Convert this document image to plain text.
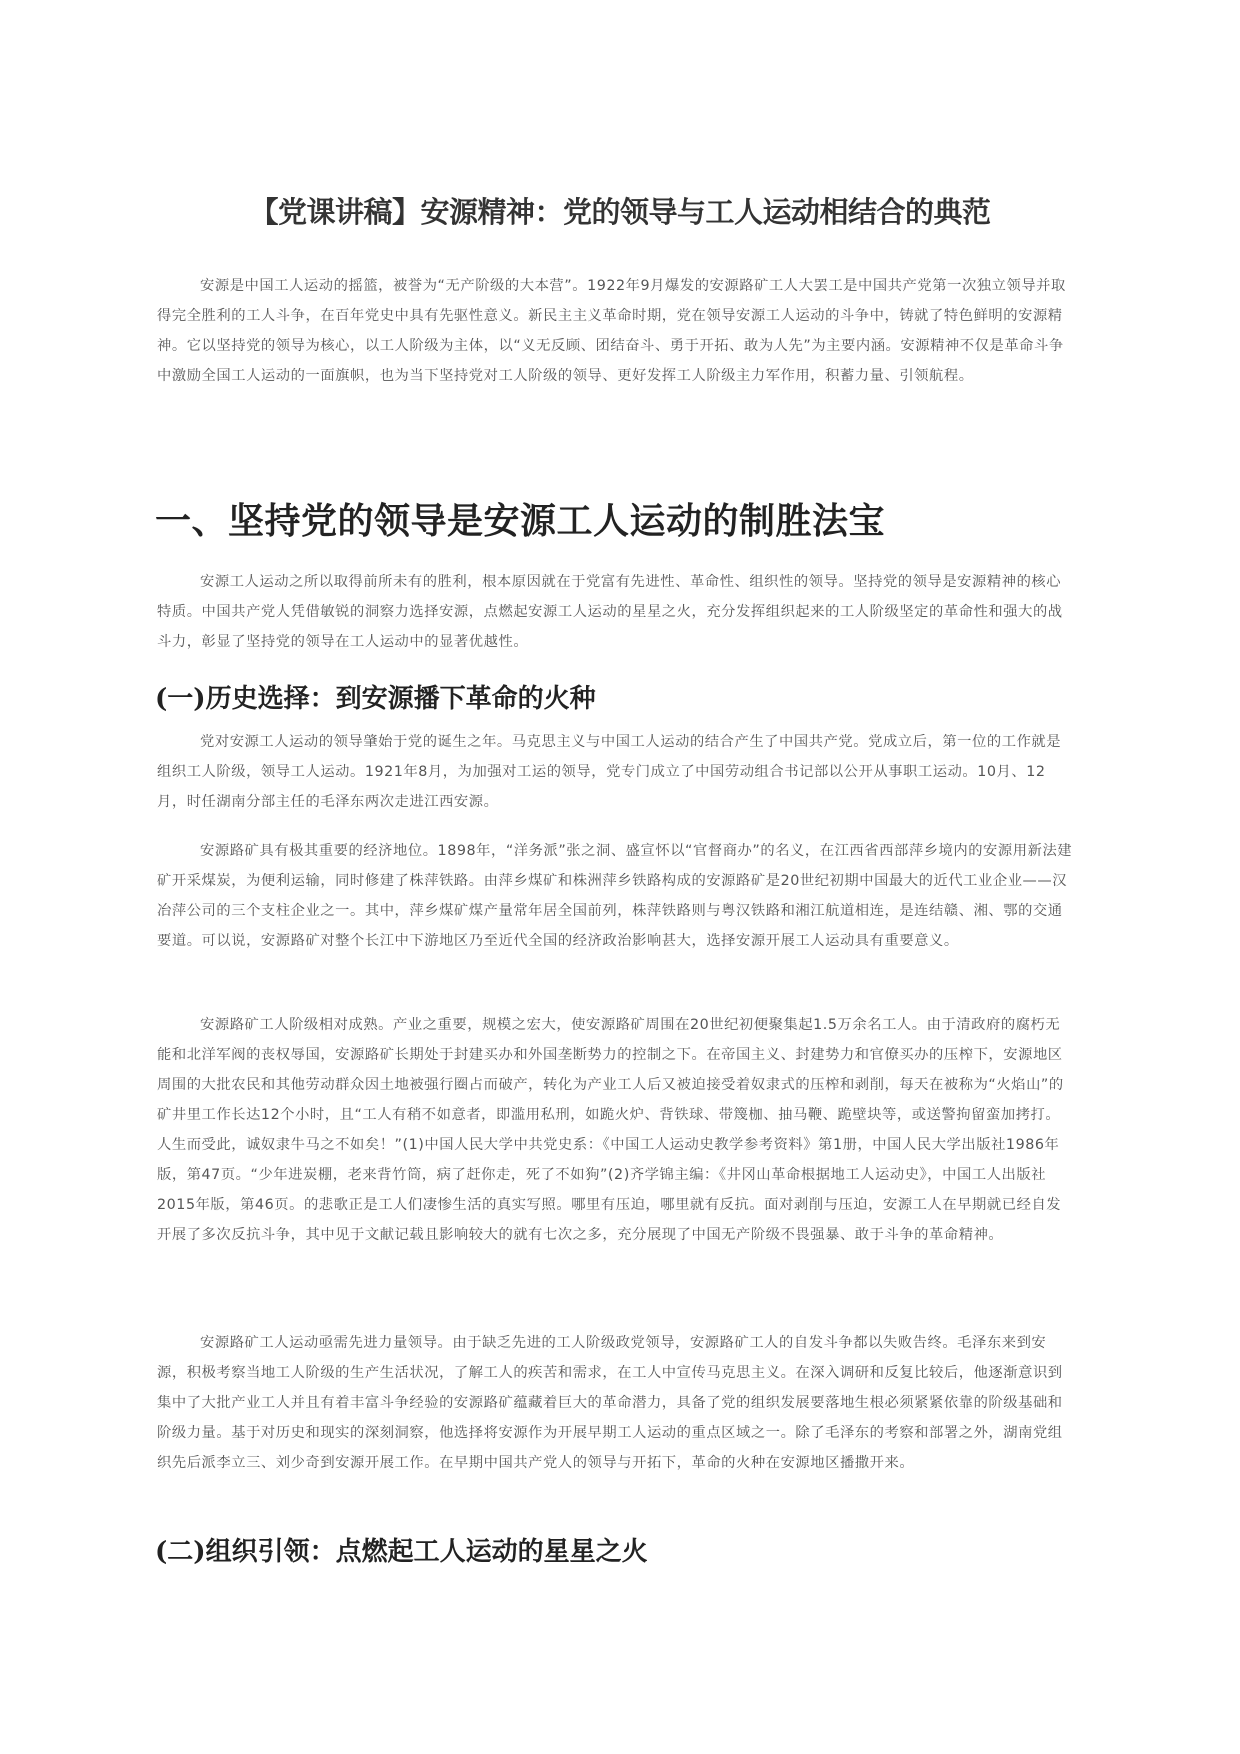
【党课讲稿】安源精神：党的领导与工人运动相结合的典范

安源是中国工人运动的摇篮，被誉为“无产阶级的大本营”。1922年9月爆发的安源路矿工人大罢工是中国共产党第一次独立领导并取得完全胜利的工人斗争，在百年党史中具有先驱性意义。新民主主义革命时期，党在领导安源工人运动的斗争中，铸就了特色鲜明的安源精神。它以坚持党的领导为核心，以工人阶级为主体，以“义无反顾、团结奋斗、勇于开拓、敢为人先”为主要内涵。安源精神不仅是革命斗争中激励全国工人运动的一面旗帜，也为当下坚持党对工人阶级的领导、更好发挥工人阶级主力军作用，积蓄力量、引领航程。

一、坚持党的领导是安源工人运动的制胜法宝

安源工人运动之所以取得前所未有的胜利，根本原因就在于党富有先进性、革命性、组织性的领导。坚持党的领导是安源精神的核心特质。中国共产党人凭借敏锐的洞察力选择安源，点燃起安源工人运动的星星之火，充分发挥组织起来的工人阶级坚定的革命性和强大的战斗力，彰显了坚持党的领导在工人运动中的显著优越性。

(一)历史选择：到安源播下革命的火种

党对安源工人运动的领导肇始于党的诞生之年。马克思主义与中国工人运动的结合产生了中国共产党。党成立后，第一位的工作就是组织工人阶级，领导工人运动。1921年8月，为加强对工运的领导，党专门成立了中国劳动组合书记部以公开从事职工运动。10月、12月，时任湖南分部主任的毛泽东两次走进江西安源。

安源路矿具有极其重要的经济地位。1898年，“洋务派”张之洞、盛宣怀以“官督商办”的名义，在江西省西部萍乡境内的安源用新法建矿开采煤炭，为便利运输，同时修建了株萍铁路。由萍乡煤矿和株洲萍乡铁路构成的安源路矿是20世纪初期中国最大的近代工业企业——汉冶萍公司的三个支柱企业之一。其中，萍乡煤矿煤产量常年居全国前列，株萍铁路则与粤汉铁路和湘江航道相连，是连结赣、湘、鄂的交通要道。可以说，安源路矿对整个长江中下游地区乃至近代全国的经济政治影响甚大，选择安源开展工人运动具有重要意义。

安源路矿工人阶级相对成熟。产业之重要，规模之宏大，使安源路矿周围在20世纪初便聚集起1.5万余名工人。由于清政府的腐朽无能和北洋军阀的丧权辱国，安源路矿长期处于封建买办和外国垄断势力的控制之下。在帝国主义、封建势力和官僚买办的压榨下，安源地区周围的大批农民和其他劳动群众因土地被强行圈占而破产，转化为产业工人后又被迫接受着奴隶式的压榨和剥削，每天在被称为“火焰山”的矿井里工作长达12个小时，且“工人有稍不如意者，即滥用私刑，如跪火炉、背铁球、带篾枷、抽马鞭、跪壁块等，或送警拘留蛮加拷打。人生而受此，诚奴隶牛马之不如矣！”(1)中国人民大学中共党史系：《中国工人运动史教学参考资料》第1册，中国人民大学出版社1986年版，第47页。“少年进炭棚，老来背竹筒，病了赶你走，死了不如狗”(2)齐学锦主编：《井冈山革命根据地工人运动史》，中国工人出版社2015年版，第46页。的悲歌正是工人们凄惨生活的真实写照。哪里有压迫，哪里就有反抗。面对剥削与压迫，安源工人在早期就已经自发开展了多次反抗斗争，其中见于文献记载且影响较大的就有七次之多，充分展现了中国无产阶级不畏强暴、敢于斗争的革命精神。

安源路矿工人运动亟需先进力量领导。由于缺乏先进的工人阶级政党领导，安源路矿工人的自发斗争都以失败告终。毛泽东来到安源，积极考察当地工人阶级的生产生活状况，了解工人的疾苦和需求，在工人中宣传马克思主义。在深入调研和反复比较后，他逐渐意识到集中了大批产业工人并且有着丰富斗争经验的安源路矿蕴藏着巨大的革命潜力，具备了党的组织发展要落地生根必须紧紧依靠的阶级基础和阶级力量。基于对历史和现实的深刻洞察，他选择将安源作为开展早期工人运动的重点区域之一。除了毛泽东的考察和部署之外，湖南党组织先后派李立三、刘少奇到安源开展工作。在早期中国共产党人的领导与开拓下，革命的火种在安源地区播撒开来。

(二)组织引领：点燃起工人运动的星星之火
